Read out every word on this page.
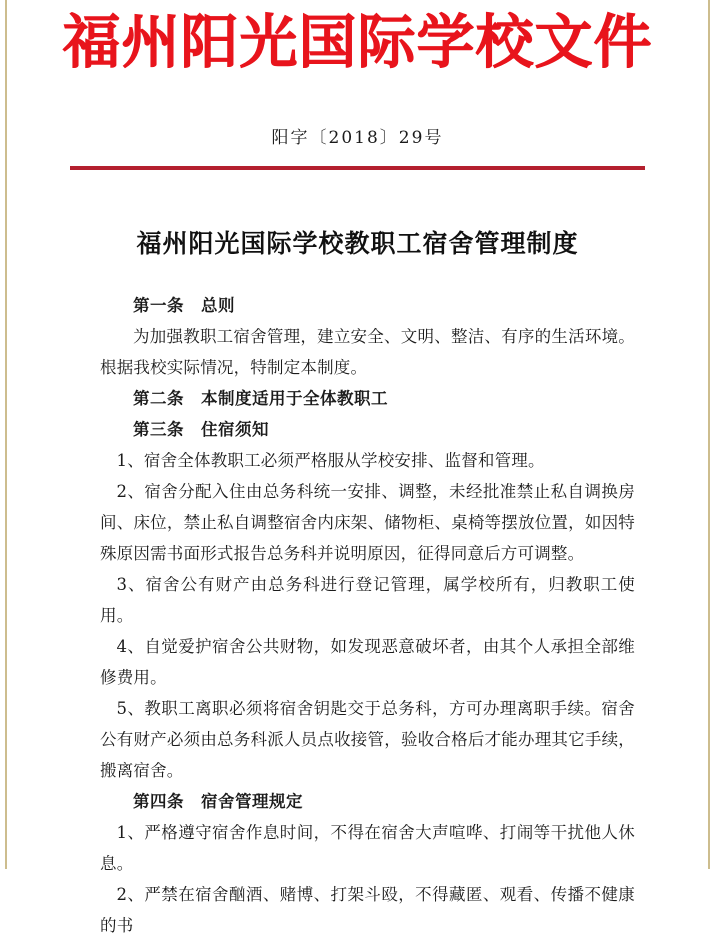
福州阳光国际学校文件
阳字〔2018〕29号
福州阳光国际学校教职工宿舍管理制度

第一条　总则

为加强教职工宿舍管理，建立安全、文明、整洁、有序的生活环境。根据我校实际情况，特制定本制度。

第二条　本制度适用于全体教职工

第三条　住宿须知

1、宿舍全体教职工必须严格服从学校安排、监督和管理。

2、宿舍分配入住由总务科统一安排、调整，未经批准禁止私自调换房间、床位，禁止私自调整宿舍内床架、储物柜、桌椅等摆放位置，如因特殊原因需书面形式报告总务科并说明原因，征得同意后方可调整。

3、宿舍公有财产由总务科进行登记管理，属学校所有，归教职工使用。

4、自觉爱护宿舍公共财物，如发现恶意破坏者，由其个人承担全部维修费用。

5、教职工离职必须将宿舍钥匙交于总务科，方可办理离职手续。宿舍公有财产必须由总务科派人员点收接管，验收合格后才能办理其它手续，搬离宿舍。

第四条　宿舍管理规定

1、严格遵守宿舍作息时间，不得在宿舍大声喧哗、打闹等干扰他人休息。

2、严禁在宿舍酗酒、赌博、打架斗殴，不得藏匿、观看、传播不健康的书
